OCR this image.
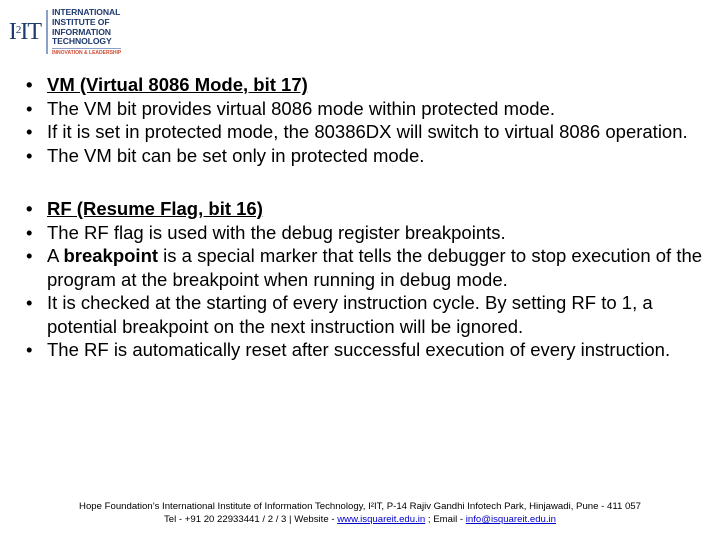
$I^2$ IT
INTERNATIONAL
INSTITUTE OF
INFORMATION
TECHNOLOGY
INNOVATION & LEADERSHIP
• VM (Virtual 8086 Mode, bit 17)
• The VM bit provides virtual 8086 mode within protected mode.
• If it is set in protected mode, the 80386DX will switch to virtual 8086 operation.
• The VM bit can be set only in protected mode.
• RF (Resume Flag, bit 16)
• The RF flag is used with the debug register breakpoints.
• A breakpoint is a special marker that tells the debugger to stop execution of the program at the breakpoint when running in debug mode.
• It is checked at the starting of every instruction cycle. By setting RF to 1, a potential breakpoint on the next instruction will be ignored.
• The RF is automatically reset after successful execution of every instruction.
Hope Foundation’s International Institute of Information Technology, I²IT, P-14 Rajiv Gandhi Infotech Park, Hinjawadi, Pune - 411 057
Tel - +91 20 22933441 / 2 / 3 | Website - www.isquareit.edu.in ; Email - info@isquareit.edu.in
